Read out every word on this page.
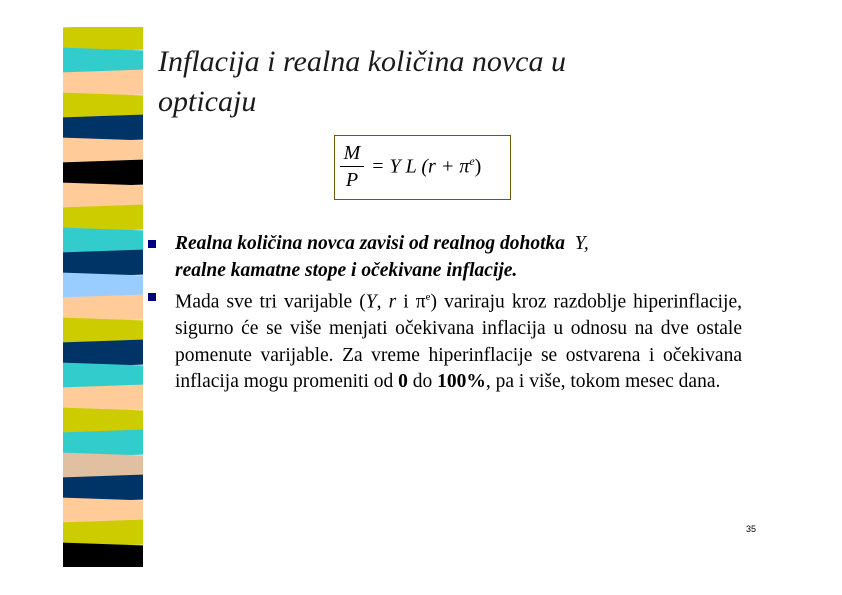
Inflacija i realna količina novca u
opticaju
M
P
= Y L $(r + \pi^e)$
Realna količina novca zavisi od realnog dohotka Y,
realne kamatne stope i očekivane inflacije.
Mada sve tri varijable (Y, r i $\pi^e$) variraju kroz razdoblje hiperinflacije, sigurno će se više menjati očekivana inflacija u odnosu na dve ostale pomenute varijable. Za vreme hiperinflacije se ostvarena i očekivana inflacija mogu promeniti od 0 do 100%, pa i više, tokom mesec dana.
35
